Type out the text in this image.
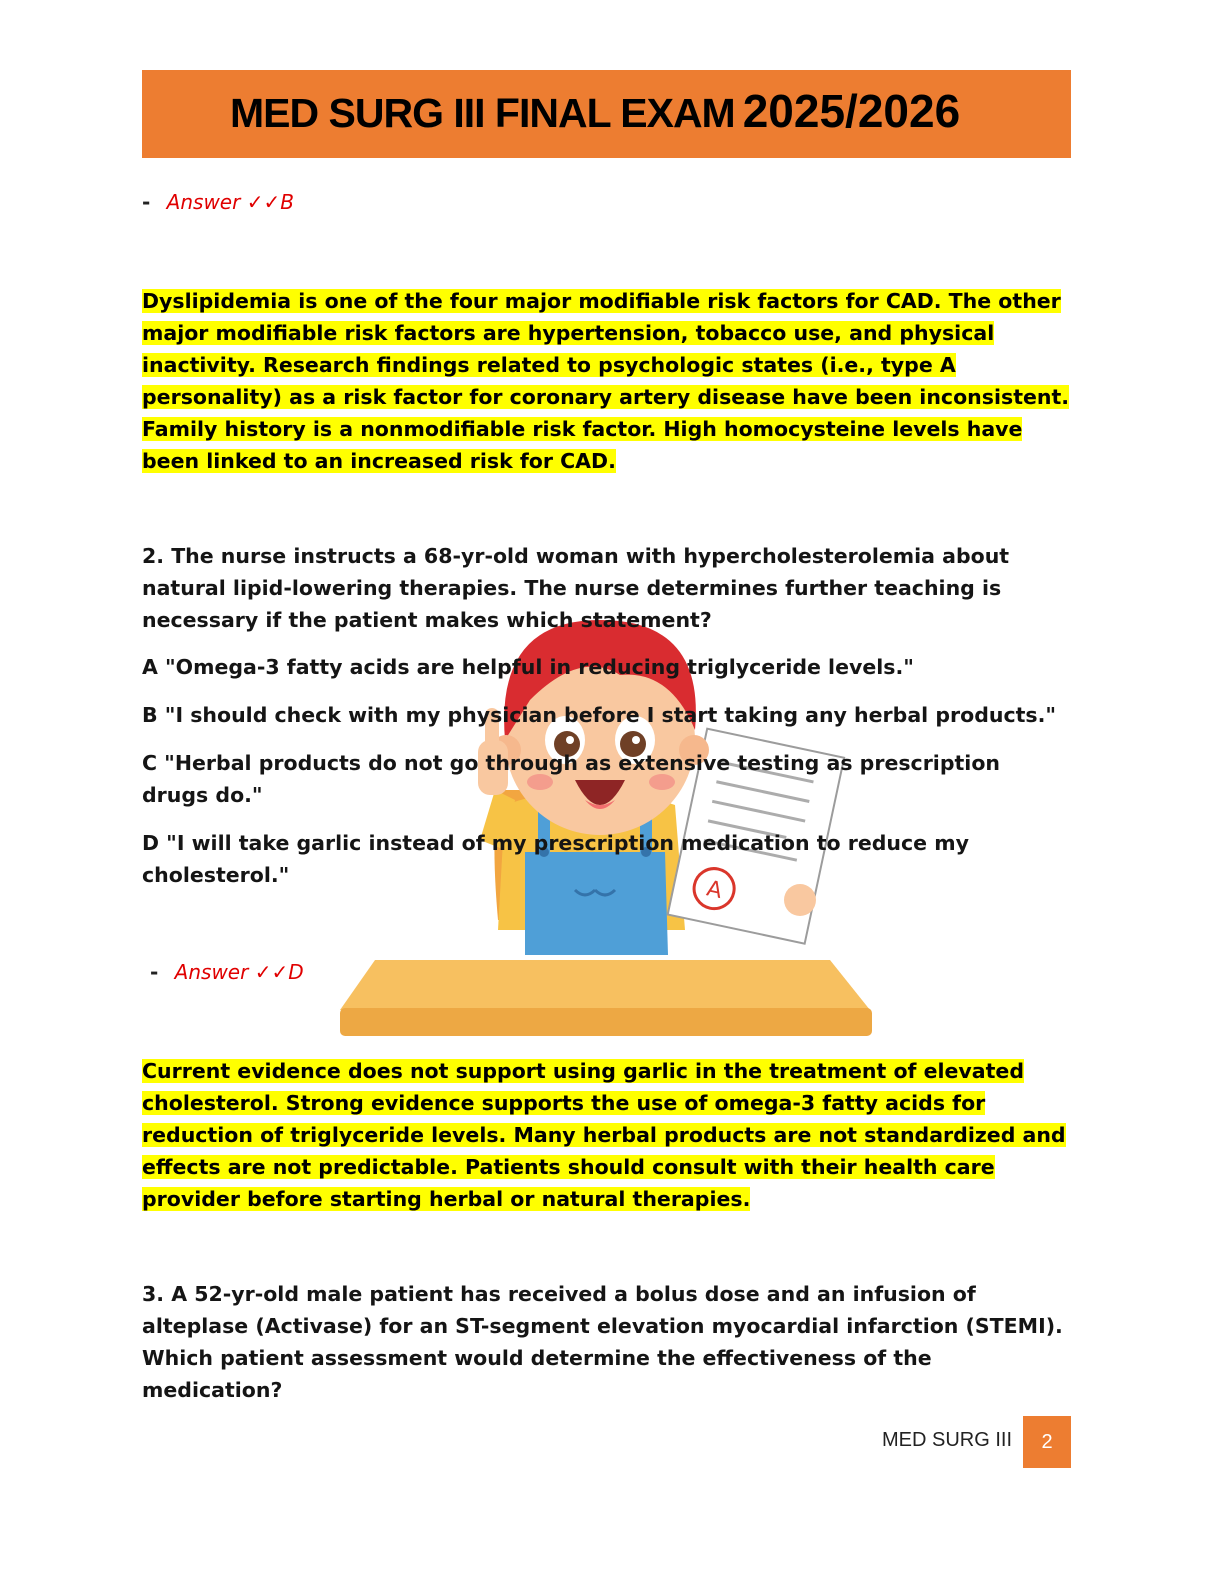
MED SURG III FINAL EXAM 2025/2026
- Answer ✓✓B
Dyslipidemia is one of the four major modifiable risk factors for CAD. The other major modifiable risk factors are hypertension, tobacco use, and physical inactivity. Research findings related to psychologic states (i.e., type A personality) as a risk factor for coronary artery disease have been inconsistent. Family history is a nonmodifiable risk factor. High homocysteine levels have been linked to an increased risk for CAD.
2. The nurse instructs a 68-yr-old woman with hypercholesterolemia about natural lipid-lowering therapies. The nurse determines further teaching is necessary if the patient makes which statement?
A "Omega-3 fatty acids are helpful in reducing triglyceride levels."
B "I should check with my physician before I start taking any herbal products."
C "Herbal products do not go through as extensive testing as prescription drugs do."
D "I will take garlic instead of my prescription medication to reduce my cholesterol."
A
- Answer ✓✓D
Current evidence does not support using garlic in the treatment of elevated cholesterol. Strong evidence supports the use of omega-3 fatty acids for reduction of triglyceride levels. Many herbal products are not standardized and effects are not predictable. Patients should consult with their health care provider before starting herbal or natural therapies.
3. A 52-yr-old male patient has received a bolus dose and an infusion of alteplase (Activase) for an ST-segment elevation myocardial infarction (STEMI). Which patient assessment would determine the effectiveness of the medication?
MED SURG III	2
